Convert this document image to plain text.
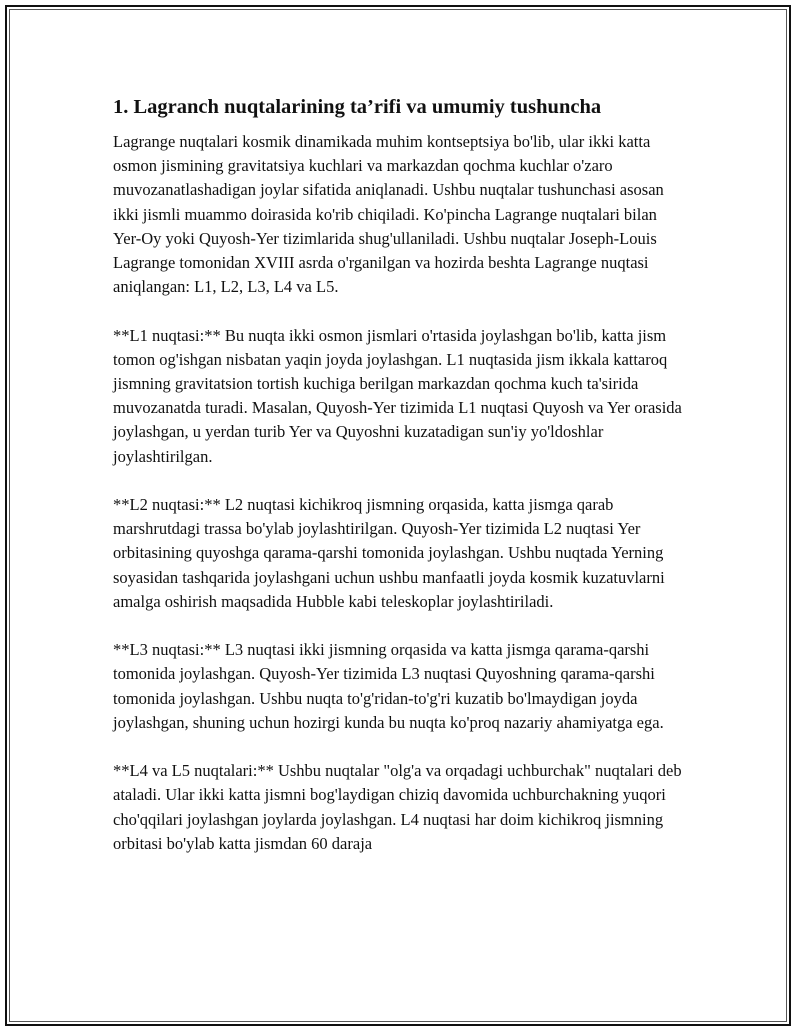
1. Lagranch nuqtalarining ta’rifi va umumiy tushuncha

Lagrange nuqtalari kosmik dinamikada muhim kontseptsiya bo'lib, ular ikki katta osmon jismining gravitatsiya kuchlari va markazdan qochma kuchlar o'zaro muvozanatlashadigan joylar sifatida aniqlanadi. Ushbu nuqtalar tushunchasi asosan ikki jismli muammo doirasida ko'rib chiqiladi. Ko'pincha Lagrange nuqtalari bilan Yer-Oy yoki Quyosh-Yer tizimlarida shug'ullaniladi. Ushbu nuqtalar Joseph-Louis Lagrange tomonidan XVIII asrda o'rganilgan va hozirda beshta Lagrange nuqtasi aniqlangan: L1, L2, L3, L4 va L5.

**L1 nuqtasi:** Bu nuqta ikki osmon jismlari o'rtasida joylashgan bo'lib, katta jism tomon og'ishgan nisbatan yaqin joyda joylashgan. L1 nuqtasida jism ikkala kattaroq jismning gravitatsion tortish kuchiga berilgan markazdan qochma kuch ta'sirida muvozanatda turadi. Masalan, Quyosh-Yer tizimida L1 nuqtasi Quyosh va Yer orasida joylashgan, u yerdan turib Yer va Quyoshni kuzatadigan sun'iy yo'ldoshlar joylashtirilgan.

**L2 nuqtasi:** L2 nuqtasi kichikroq jismning orqasida, katta jismga qarab marshrutdagi trassa bo'ylab joylashtirilgan. Quyosh-Yer tizimida L2 nuqtasi Yer orbitasining quyoshga qarama-qarshi tomonida joylashgan. Ushbu nuqtada Yerning soyasidan tashqarida joylashgani uchun ushbu manfaatli joyda kosmik kuzatuvlarni amalga oshirish maqsadida Hubble kabi teleskoplar joylashtiriladi.

**L3 nuqtasi:** L3 nuqtasi ikki jismning orqasida va katta jismga qarama-qarshi tomonida joylashgan. Quyosh-Yer tizimida L3 nuqtasi Quyoshning qarama-qarshi tomonida joylashgan. Ushbu nuqta to'g'ridan-to'g'ri kuzatib bo'lmaydigan joyda joylashgan, shuning uchun hozirgi kunda bu nuqta ko'proq nazariy ahamiyatga ega.

**L4 va L5 nuqtalari:** Ushbu nuqtalar "olg'a va orqadagi uchburchak" nuqtalari deb ataladi. Ular ikki katta jismni bog'laydigan chiziq davomida uchburchakning yuqori cho'qqilari joylashgan joylarda joylashgan. L4 nuqtasi har doim kichikroq jismning orbitasi bo'ylab katta jismdan 60 daraja
